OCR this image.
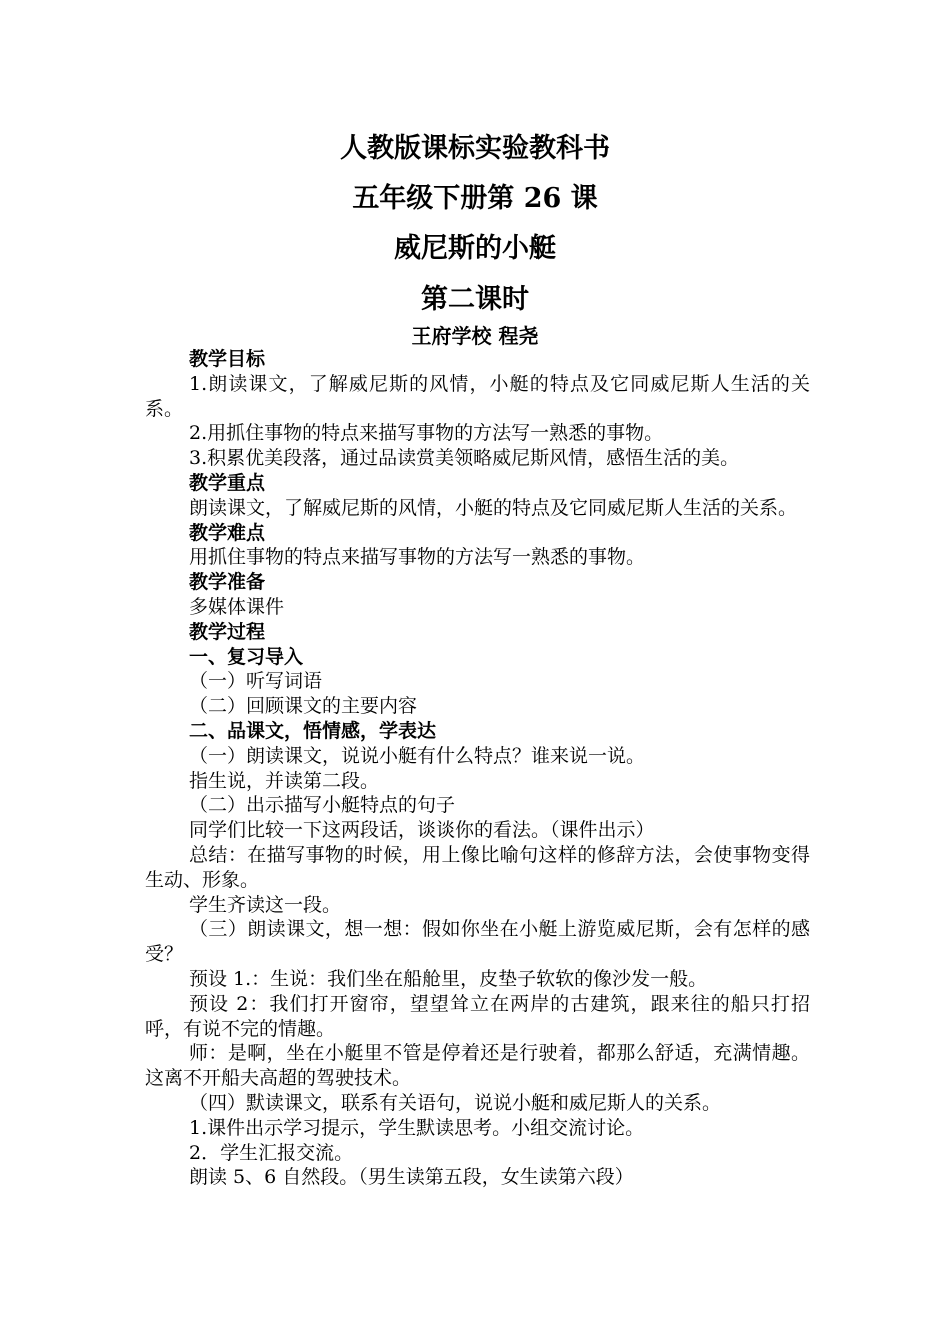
人教版课标实验教科书
五年级下册第 26 课
威尼斯的小艇
第二课时
王府学校 程尧

教学目标

1.朗读课文，了解威尼斯的风情，小艇的特点及它同威尼斯人生活的关系。

2.用抓住事物的特点来描写事物的方法写一熟悉的事物。

3.积累优美段落，通过品读赏美领略威尼斯风情，感悟生活的美。

教学重点

朗读课文，了解威尼斯的风情，小艇的特点及它同威尼斯人生活的关系。

教学难点

用抓住事物的特点来描写事物的方法写一熟悉的事物。

教学准备

多媒体课件

教学过程

一、复习导入

（一）听写词语

（二）回顾课文的主要内容

二、品课文，悟情感，学表达

（一）朗读课文，说说小艇有什么特点？谁来说一说。

指生说，并读第二段。

（二）出示描写小艇特点的句子

同学们比较一下这两段话，谈谈你的看法。（课件出示）

总结：在描写事物的时候，用上像比喻句这样的修辞方法，会使事物变得生动、形象。

学生齐读这一段。

（三）朗读课文，想一想：假如你坐在小艇上游览威尼斯，会有怎样的感受？

预设 1.：生说：我们坐在船舱里，皮垫子软软的像沙发一般。

预设 2：我们打开窗帘，望望耸立在两岸的古建筑，跟来往的船只打招呼，有说不完的情趣。

师：是啊，坐在小艇里不管是停着还是行驶着，都那么舒适，充满情趣。这离不开船夫高超的驾驶技术。

（四）默读课文，联系有关语句，说说小艇和威尼斯人的关系。

1.课件出示学习提示，学生默读思考。小组交流讨论。

2．学生汇报交流。

朗读 5、6 自然段。（男生读第五段，女生读第六段）
